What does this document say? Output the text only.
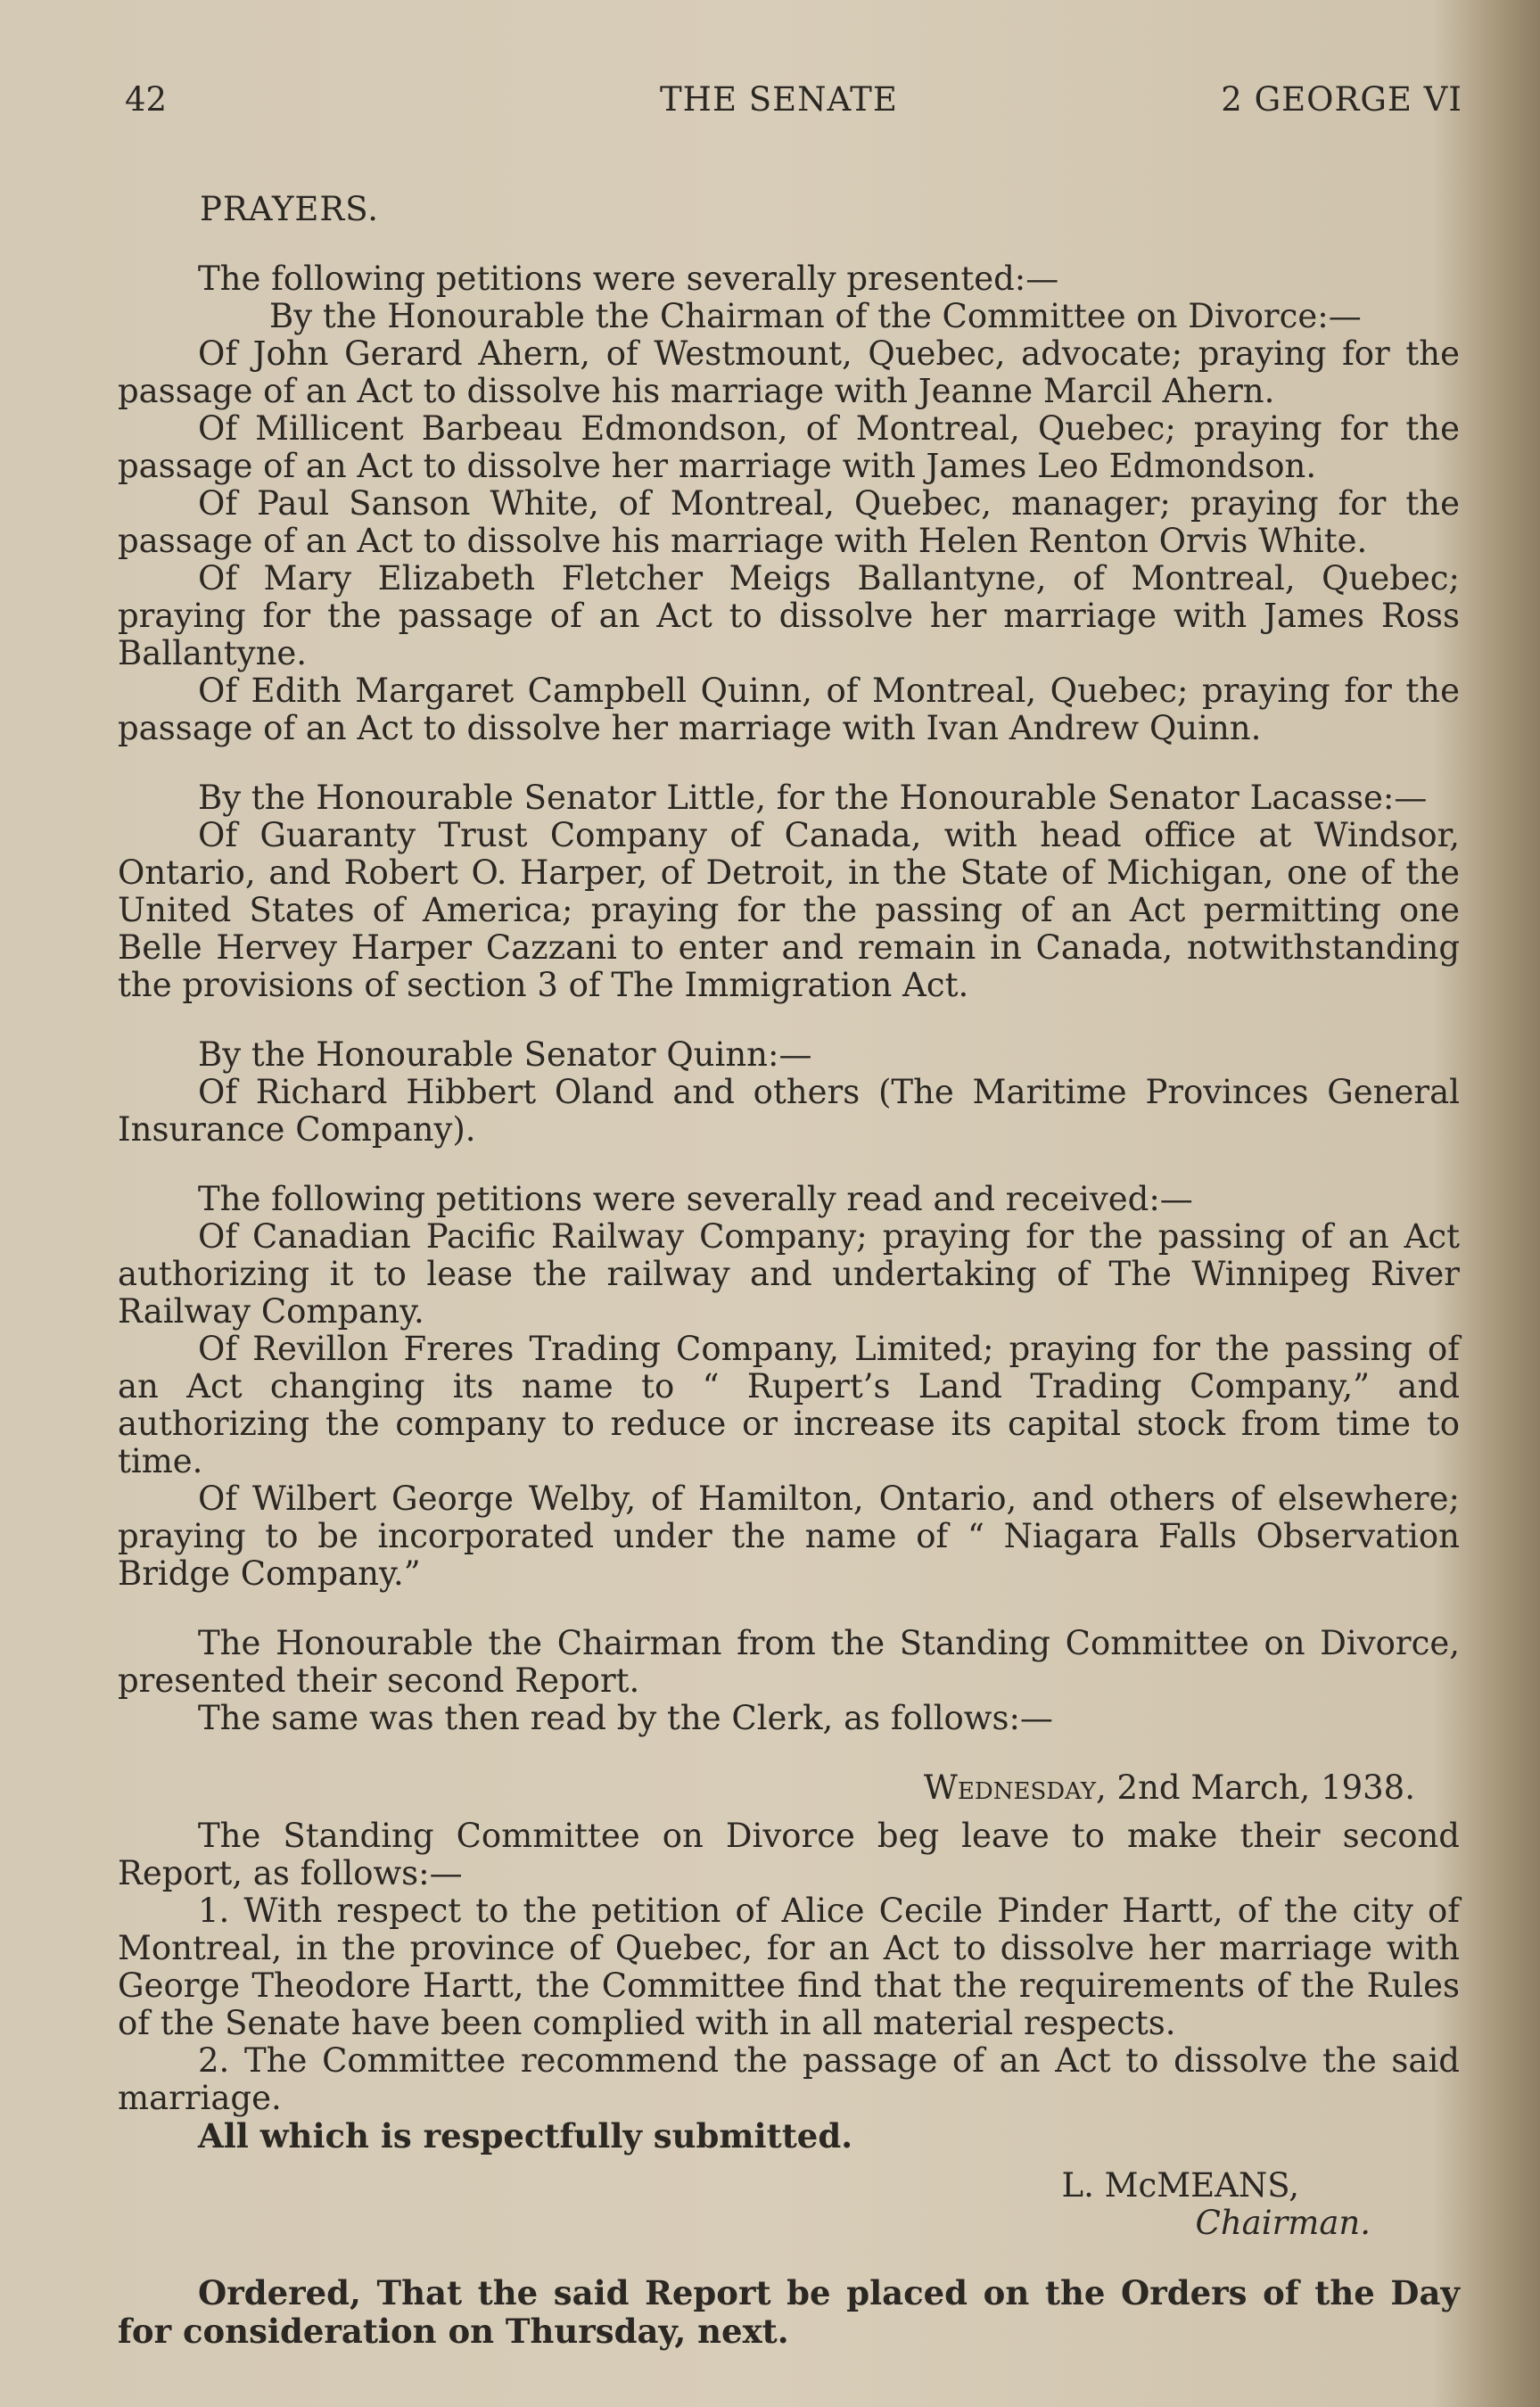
42	THE SENATE	2 GEORGE VI

PRAYERS.

The following petitions were severally presented:—

By the Honourable the Chairman of the Committee on Divorce:—

Of John Gerard Ahern, of Westmount, Quebec, advocate; praying for the passage of an Act to dissolve his marriage with Jeanne Marcil Ahern.

Of Millicent Barbeau Edmondson, of Montreal, Quebec; praying for the passage of an Act to dissolve her marriage with James Leo Edmondson.

Of Paul Sanson White, of Montreal, Quebec, manager; praying for the passage of an Act to dissolve his marriage with Helen Renton Orvis White.

Of Mary Elizabeth Fletcher Meigs Ballantyne, of Montreal, Quebec; praying for the passage of an Act to dissolve her marriage with James Ross Ballantyne.

Of Edith Margaret Campbell Quinn, of Montreal, Quebec; praying for the passage of an Act to dissolve her marriage with Ivan Andrew Quinn.

By the Honourable Senator Little, for the Honourable Senator Lacasse:—

Of Guaranty Trust Company of Canada, with head office at Windsor, Ontario, and Robert O. Harper, of Detroit, in the State of Michigan, one of the United States of America; praying for the passing of an Act permitting one Belle Hervey Harper Cazzani to enter and remain in Canada, notwithstanding the provisions of section 3 of The Immigration Act.

By the Honourable Senator Quinn:—

Of Richard Hibbert Oland and others (The Maritime Provinces General Insurance Company).

The following petitions were severally read and received:—

Of Canadian Pacific Railway Company; praying for the passing of an Act authorizing it to lease the railway and undertaking of The Winnipeg River Railway Company.

Of Revillon Freres Trading Company, Limited; praying for the passing of an Act changing its name to “ Rupert’s Land Trading Company,” and authorizing the company to reduce or increase its capital stock from time to time.

Of Wilbert George Welby, of Hamilton, Ontario, and others of elsewhere; praying to be incorporated under the name of “ Niagara Falls Observation Bridge Company.”

The Honourable the Chairman from the Standing Committee on Divorce, presented their second Report.

The same was then read by the Clerk, as follows:—

Wednesday, 2nd March, 1938.

The Standing Committee on Divorce beg leave to make their second Report, as follows:—

1. With respect to the petition of Alice Cecile Pinder Hartt, of the city of Montreal, in the province of Quebec, for an Act to dissolve her marriage with George Theodore Hartt, the Committee find that the requirements of the Rules of the Senate have been complied with in all material respects.

2. The Committee recommend the passage of an Act to dissolve the said marriage.

All which is respectfully submitted.

L. McMEANS,

Chairman.

Ordered, That the said Report be placed on the Orders of the Day for consideration on Thursday, next.
